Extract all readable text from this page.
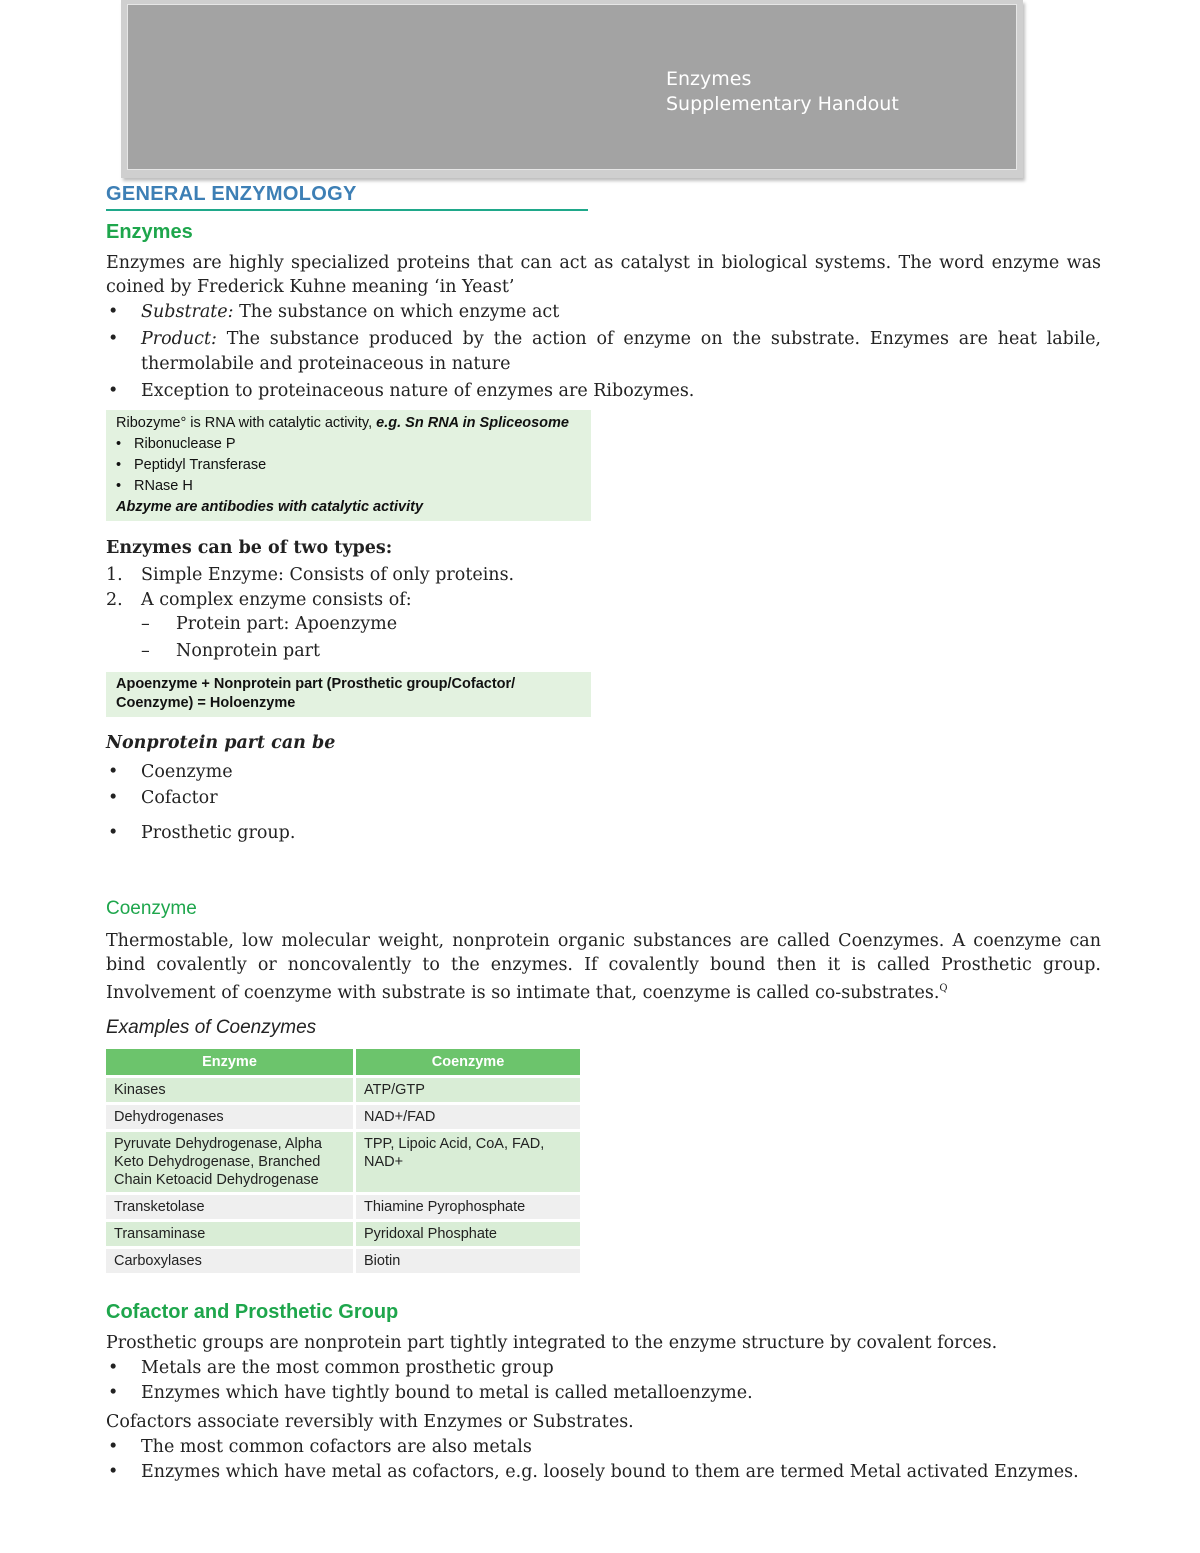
Enzymes
Supplementary Handout
GENERAL ENZYMOLOGY
Enzymes
Enzymes are highly specialized proteins that can act as catalyst in biological systems. The word enzyme was coined by Frederick Kuhne meaning ‘in Yeast’
• Substrate: The substance on which enzyme act
• Product: The substance produced by the action of enzyme on the substrate. Enzymes are heat labile, thermolabile and proteinaceous in nature
• Exception to proteinaceous nature of enzymes are Ribozymes.
Ribozyme° is RNA with catalytic activity, e.g. Sn RNA in Spliceosome
• Ribonuclease P
• Peptidyl Transferase
• RNase H
Abzyme are antibodies with catalytic activity
Enzymes can be of two types:
1. Simple Enzyme: Consists of only proteins.
2. A complex enzyme consists of:
– Protein part: Apoenzyme
– Nonprotein part
Apoenzyme + Nonprotein part (Prosthetic group/Cofactor/
Coenzyme) = Holoenzyme
Nonprotein part can be
• Coenzyme
• Cofactor
• Prosthetic group.
Coenzyme
Thermostable, low molecular weight, nonprotein organic substances are called Coenzymes. A coenzyme can bind covalently or noncovalently to the enzymes. If covalently bound then it is called Prosthetic group. Involvement of coenzyme with substrate is so intimate that, coenzyme is called co-substrates.$^Q$
Examples of Coenzymes
Enzyme	Coenzyme
Kinases	ATP/GTP
Dehydrogenases	NAD+/FAD
Pyruvate Dehydrogenase, Alpha Keto Dehydrogenase, Branched Chain Ketoacid Dehydrogenase	TPP, Lipoic Acid, CoA, FAD, NAD+
Transketolase	Thiamine Pyrophosphate
Transaminase	Pyridoxal Phosphate
Carboxylases	Biotin
Cofactor and Prosthetic Group
Prosthetic groups are nonprotein part tightly integrated to the enzyme structure by covalent forces.
• Metals are the most common prosthetic group
• Enzymes which have tightly bound to metal is called metalloenzyme.
Cofactors associate reversibly with Enzymes or Substrates.
• The most common cofactors are also metals
• Enzymes which have metal as cofactors, e.g. loosely bound to them are termed Metal activated Enzymes.
